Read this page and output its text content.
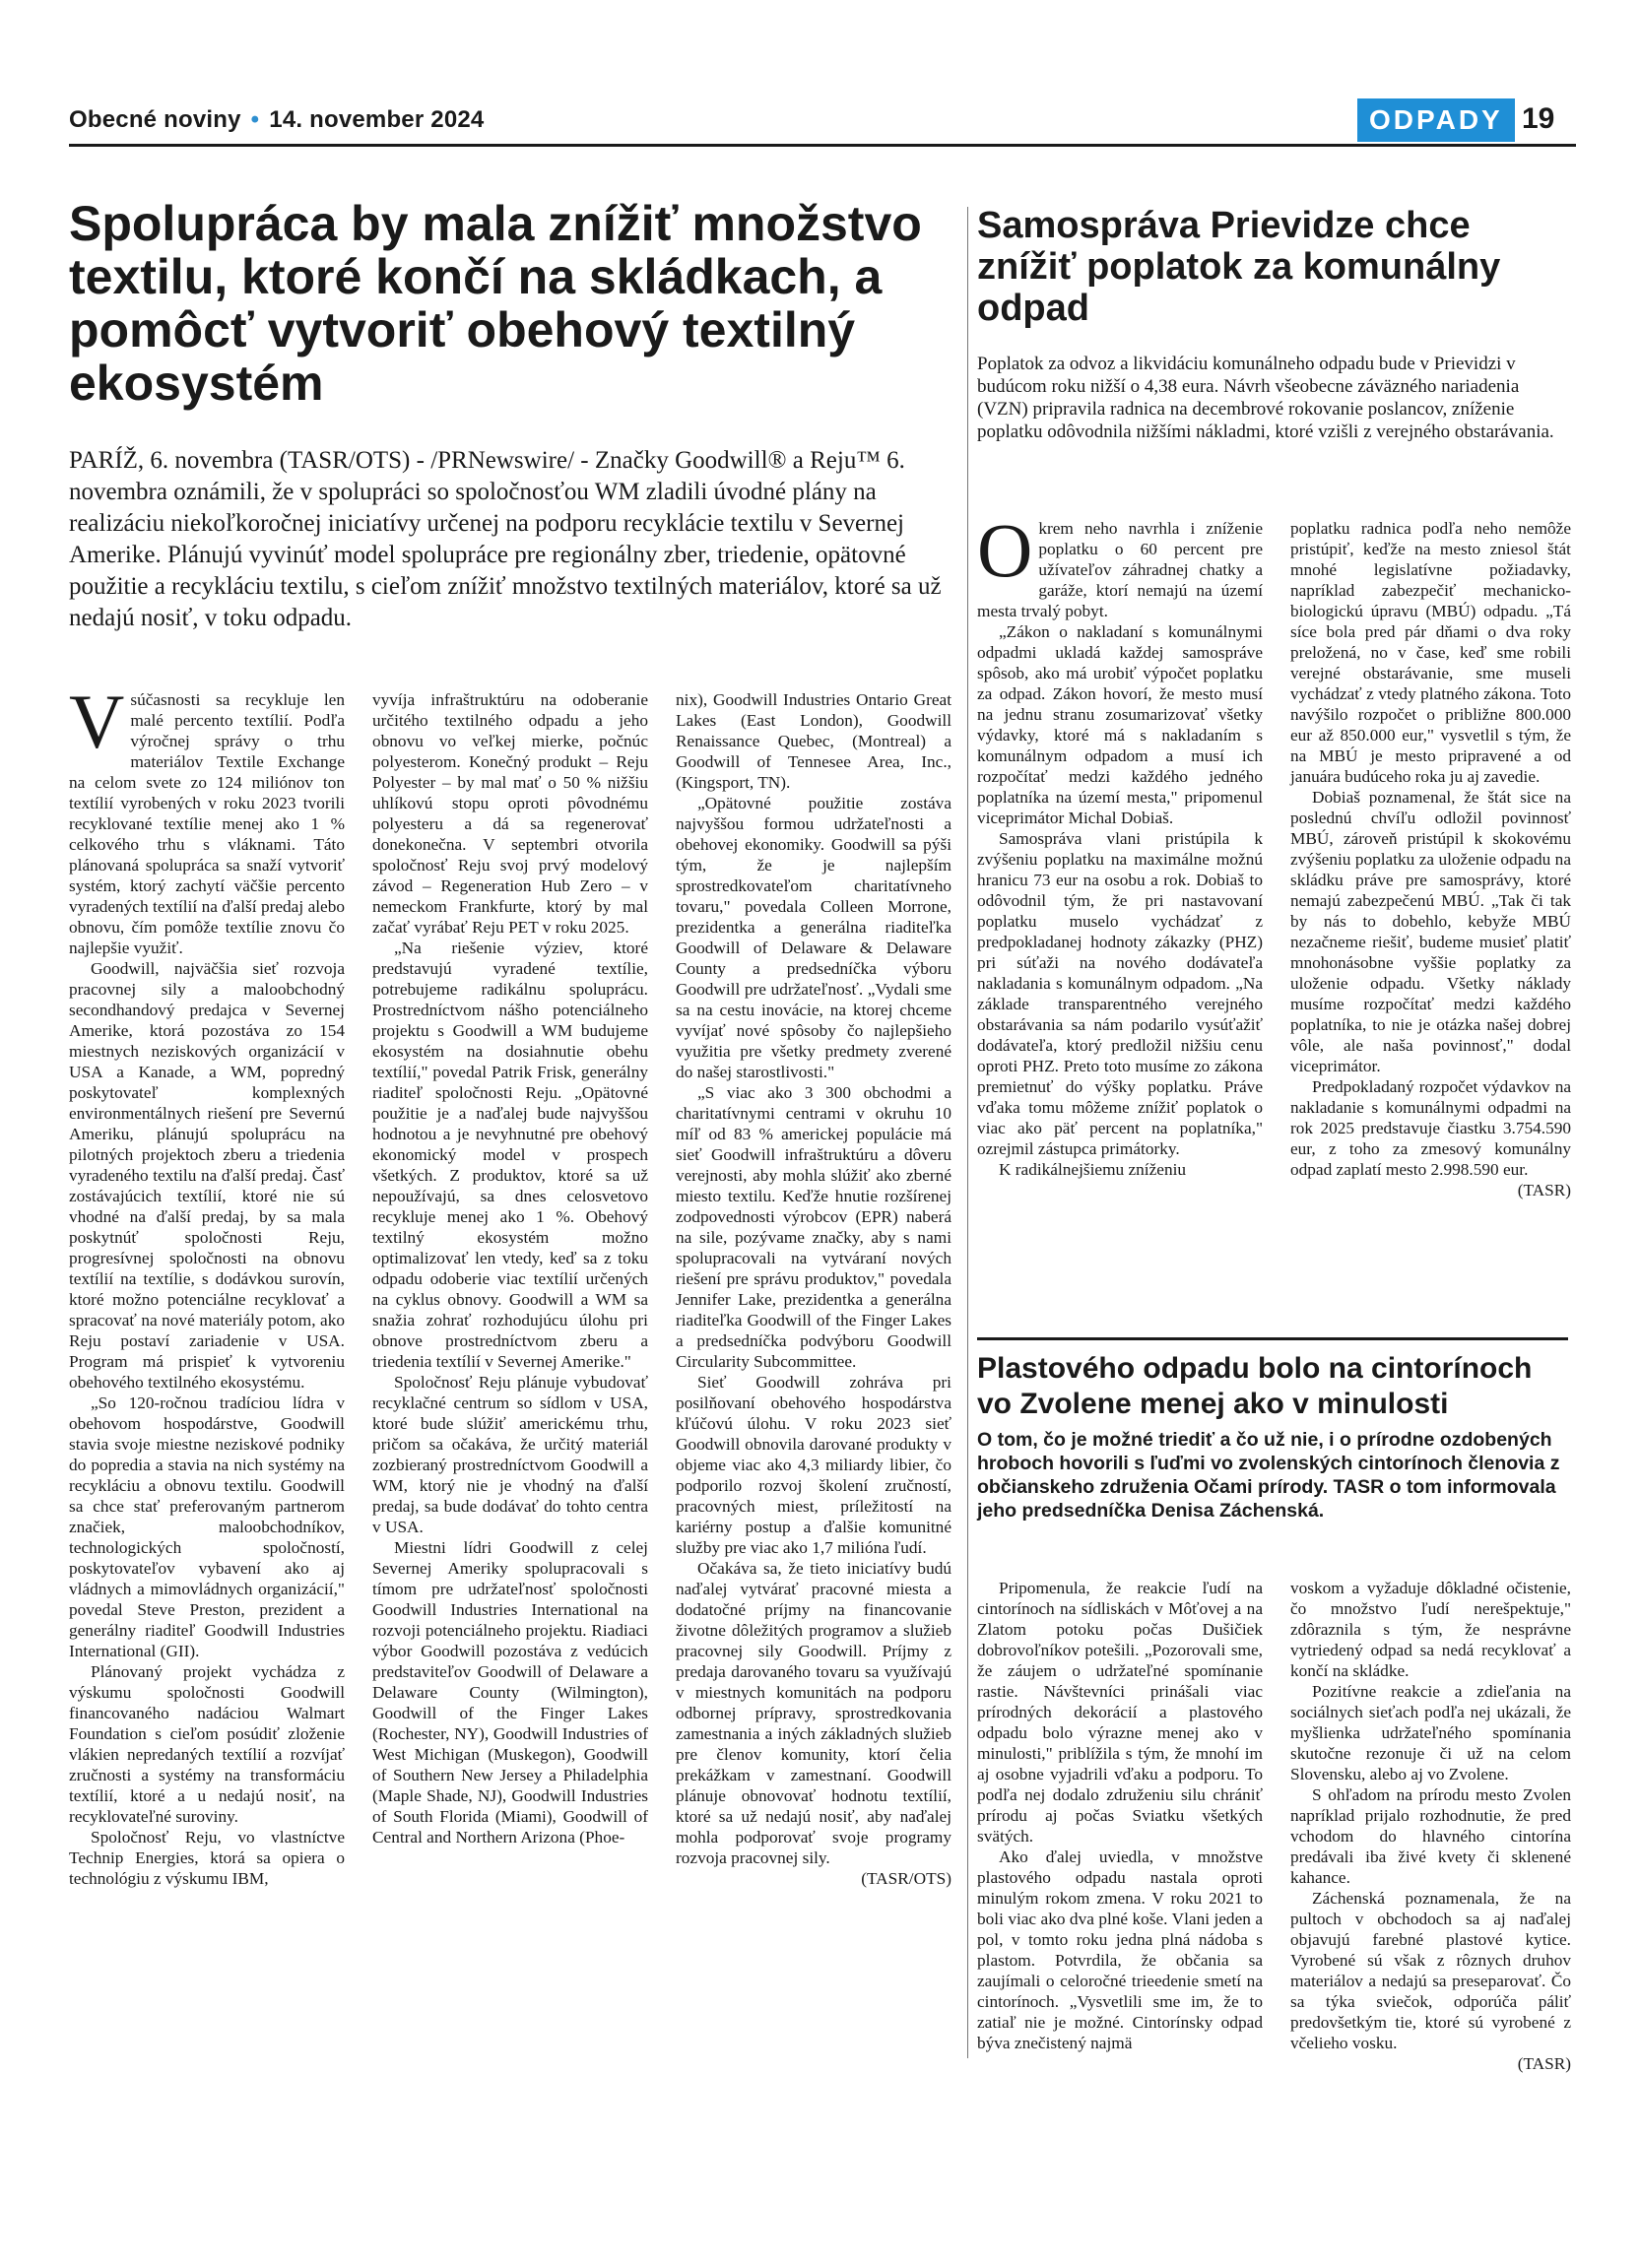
Obecné noviny • 14. november 2024	ODPADY 19
Spolupráca by mala znížiť množstvo textilu, ktoré končí na skládkach, a pomôcť vytvoriť obehový textilný ekosystém

PARÍŽ, 6. novembra (TASR/OTS) - /PRNewswire/ - Značky Goodwill® a Reju™ 6. novembra oznámili, že v spolupráci so spoločnosťou WM zladili úvodné plány na realizáciu niekoľkoročnej iniciatívy určenej na podporu recyklácie textilu v Severnej Amerike. Plánujú vyvinúť model spolupráce pre regionálny zber, triedenie, opätovné použitie a recykláciu textilu, s cieľom znížiť množstvo textilných materiálov, ktoré sa už nedajú nosiť, v toku odpadu.

Vsúčasnosti sa recykluje len malé percento textílií. Podľa výročnej správy o trhu materiálov Textile Exchange na celom svete zo 124 miliónov ton textílií vyrobených v roku 2023 tvorili recyklované textílie menej ako 1 % celkového trhu s vláknami. Táto plánovaná spolupráca sa snaží vytvoriť systém, ktorý zachytí väčšie percento vyradených textílií na ďalší predaj alebo obnovu, čím pomôže textílie znovu čo najlepšie využiť.

Goodwill, najväčšia sieť rozvoja pracovnej sily a maloobchodný secondhandový predajca v Severnej Amerike, ktorá pozostáva zo 154 miestnych neziskových organizácií v USA a Kanade, a WM, popredný poskytovateľ komplexných environmentálnych riešení pre Severnú Ameriku, plánujú spoluprácu na pilotných projektoch zberu a triedenia vyradeného textilu na ďalší predaj. Časť zostávajúcich textílií, ktoré nie sú vhodné na ďalší predaj, by sa mala poskytnúť spoločnosti Reju, progresívnej spoločnosti na obnovu textílií na textílie, s dodávkou surovín, ktoré možno potenciálne recyklovať a spracovať na nové materiály potom, ako Reju postaví zariadenie v USA. Program má prispieť k vytvoreniu obehového textilného ekosystému.

„So 120-ročnou tradíciou lídra v obehovom hospodárstve, Goodwill stavia svoje miestne neziskové podniky do popredia a stavia na nich systémy na recykláciu a obnovu textilu. Goodwill sa chce stať preferovaným partnerom značiek, maloobchodníkov, technologických spoločností, poskytovateľov vybavení ako aj vládnych a mimovládnych organizácií," povedal Steve Preston, prezident a generálny riaditeľ Goodwill Industries International (GII).

Plánovaný projekt vychádza z výskumu spoločnosti Goodwill financovaného nadáciou Walmart Foundation s cieľom posúdiť zloženie vlákien nepredaných textílií a rozvíjať zručnosti a systémy na transformáciu textílií, ktoré a u nedajú nosiť, na recyklovateľné suroviny.

Spoločnosť Reju, vo vlastníctve Technip Energies, ktorá sa opiera o technológiu z výskumu IBM,

vyvíja infraštruktúru na odoberanie určitého textilného odpadu a jeho obnovu vo veľkej mierke, počnúc polyesterom. Konečný produkt – Reju Polyester – by mal mať o 50 % nižšiu uhlíkovú stopu oproti pôvodnému polyesteru a dá sa regenerovať donekonečna. V septembri otvorila spoločnosť Reju svoj prvý modelový závod – Regeneration Hub Zero – v nemeckom Frankfurte, ktorý by mal začať vyrábať Reju PET v roku 2025.

„Na riešenie výziev, ktoré predstavujú vyradené textílie, potrebujeme radikálnu spoluprácu. Prostredníctvom nášho potenciálneho projektu s Goodwill a WM budujeme ekosystém na dosiahnutie obehu textílií," povedal Patrik Frisk, generálny riaditeľ spoločnosti Reju. „Opätovné použitie je a naďalej bude najvyššou hodnotou a je nevyhnutné pre obehový ekonomický model v prospech všetkých. Z produktov, ktoré sa už nepoužívajú, sa dnes celosvetovo recykluje menej ako 1 %. Obehový textilný ekosystém možno optimalizovať len vtedy, keď sa z toku odpadu odoberie viac textílií určených na cyklus obnovy. Goodwill a WM sa snažia zohrať rozhodujúcu úlohu pri obnove prostredníctvom zberu a triedenia textílií v Severnej Amerike."

Spoločnosť Reju plánuje vybudovať recyklačné centrum so sídlom v USA, ktoré bude slúžiť americkému trhu, pričom sa očakáva, že určitý materiál zozbieraný prostredníctvom Goodwill a WM, ktorý nie je vhodný na ďalší predaj, sa bude dodávať do tohto centra v USA.

Miestni lídri Goodwill z celej Severnej Ameriky spolupracovali s tímom pre udržateľnosť spoločnosti Goodwill Industries International na rozvoji potenciálneho projektu. Riadiaci výbor Goodwill pozostáva z vedúcich predstaviteľov Goodwill of Delaware a Delaware County (Wilmington), Goodwill of the Finger Lakes (Rochester, NY), Goodwill Industries of West Michigan (Muskegon), Goodwill of Southern New Jersey a Philadelphia (Maple Shade, NJ), Goodwill Industries of South Florida (Miami), Goodwill of Central and Northern Arizona (Phoe-

nix), Goodwill Industries Ontario Great Lakes (East London), Goodwill Renaissance Quebec, (Montreal) a Goodwill of Tennesee Area, Inc., (Kingsport, TN).

„Opätovné použitie zostáva najvyššou formou udržateľnosti a obehovej ekonomiky. Goodwill sa pýši tým, že je najlepším sprostredkovateľom charitatívneho tovaru," povedala Colleen Morrone, prezidentka a generálna riaditeľka Goodwill of Delaware & Delaware County a predsedníčka výboru Goodwill pre udržateľnosť. „Vydali sme sa na cestu inovácie, na ktorej chceme vyvíjať nové spôsoby čo najlepšieho využitia pre všetky predmety zverené do našej starostlivosti."

„S viac ako 3 300 obchodmi a charitatívnymi centrami v okruhu 10 míľ od 83 % americkej populácie má sieť Goodwill infraštruktúru a dôveru verejnosti, aby mohla slúžiť ako zberné miesto textilu. Keďže hnutie rozšírenej zodpovednosti výrobcov (EPR) naberá na sile, pozývame značky, aby s nami spolupracovali na vytváraní nových riešení pre správu produktov," povedala Jennifer Lake, prezidentka a generálna riaditeľka Goodwill of the Finger Lakes a predsedníčka podvýboru Goodwill Circularity Subcommittee.

Sieť Goodwill zohráva pri posilňovaní obehového hospodárstva kľúčovú úlohu. V roku 2023 sieť Goodwill obnovila darované produkty v objeme viac ako 4,3 miliardy libier, čo podporilo rozvoj školení zručností, pracovných miest, príležitostí na kariérny postup a ďalšie komunitné služby pre viac ako 1,7 milióna ľudí.

Očakáva sa, že tieto iniciatívy budú naďalej vytvárať pracovné miesta a dodatočné príjmy na financovanie životne dôležitých programov a služieb pracovnej sily Goodwill. Príjmy z predaja darovaného tovaru sa využívajú v miestnych komunitách na podporu odbornej prípravy, sprostredkovania zamestnania a iných základných služieb pre členov komunity, ktorí čelia prekážkam v zamestnaní. Goodwill plánuje obnovovať hodnotu textílií, ktoré sa už nedajú nosiť, aby naďalej mohla podporovať svoje programy rozvoja pracovnej sily.

(TASR/OTS)

Samospráva Prievidze chce znížiť poplatok za komunálny odpad

Poplatok za odvoz a likvidáciu komunálneho odpadu bude v Prievidzi v budúcom roku nižší o 4,38 eura. Návrh všeobecne záväzného nariadenia (VZN) pripravila radnica na decembrové rokovanie poslancov, zníženie poplatku odôvodnila nižšími nákladmi, ktoré vzišli z verejného obstarávania.

Okrem neho navrhla i zníženie poplatku o 60 percent pre užívateľov záhradnej chatky a garáže, ktorí nemajú na území mesta trvalý pobyt.

„Zákon o nakladaní s komunálnymi odpadmi ukladá každej samospráve spôsob, ako má urobiť výpočet poplatku za odpad. Zákon hovorí, že mesto musí na jednu stranu zosumarizovať všetky výdavky, ktoré má s nakladaním s komunálnym odpadom a musí ich rozpočítať medzi každého jedného poplatníka na území mesta," pripomenul viceprimátor Michal Dobiaš.

Samospráva vlani pristúpila k zvýšeniu poplatku na maximálne možnú hranicu 73 eur na osobu a rok. Dobiaš to odôvodnil tým, že pri nastavovaní poplatku muselo vychádzať z predpokladanej hodnoty zákazky (PHZ) pri súťaži na nového dodávateľa nakladania s komunálnym odpadom. „Na základe transparentného verejného obstarávania sa nám podarilo vysúťažiť dodávateľa, ktorý predložil nižšiu cenu oproti PHZ. Preto toto musíme zo zákona premietnuť do výšky poplatku. Práve vďaka tomu môžeme znížiť poplatok o viac ako päť percent na poplatníka," ozrejmil zástupca primátorky.

K radikálnejšiemu zníženiu

poplatku radnica podľa neho nemôže pristúpiť, keďže na mesto zniesol štát mnohé legislatívne požiadavky, napríklad zabezpečiť mechanicko-biologickú úpravu (MBÚ) odpadu. „Tá síce bola pred pár dňami o dva roky preložená, no v čase, keď sme robili verejné obstarávanie, sme museli vychádzať z vtedy platného zákona. Toto navýšilo rozpočet o približne 800.000 eur až 850.000 eur," vysvetlil s tým, že na MBÚ je mesto pripravené a od januára budúceho roka ju aj zavedie.

Dobiaš poznamenal, že štát sice na poslednú chvíľu odložil povinnosť MBÚ, zároveň pristúpil k skokovému zvýšeniu poplatku za uloženie odpadu na skládku práve pre samosprávy, ktoré nemajú zabezpečenú MBÚ. „Tak či tak by nás to dobehlo, kebyže MBÚ nezačneme riešiť, budeme musieť platiť mnohonásobne vyššie poplatky za uloženie odpadu. Všetky náklady musíme rozpočítať medzi každého poplatníka, to nie je otázka našej dobrej vôle, ale naša povinnosť," dodal viceprimátor.

Predpokladaný rozpočet výdavkov na nakladanie s komunálnymi odpadmi na rok 2025 predstavuje čiastku 3.754.590 eur, z toho za zmesový komunálny odpad zaplatí mesto 2.998.590 eur.

(TASR)

Plastového odpadu bolo na cintorínoch vo Zvolene menej ako v minulosti

O tom, čo je možné triediť a čo už nie, i o prírodne ozdobených hroboch hovorili s ľuďmi vo zvolenských cintorínoch členovia z občianskeho združenia Očami prírody. TASR o tom informovala jeho predsedníčka Denisa Záchenská.

Pripomenula, že reakcie ľudí na cintorínoch na sídliskách v Môťovej a na Zlatom potoku počas Dušičiek dobrovoľníkov potešili. „Pozorovali sme, že záujem o udržateľné spomínanie rastie. Návštevníci prinášali viac prírodných dekorácií a plastového odpadu bolo výrazne menej ako v minulosti," priblížila s tým, že mnohí im aj osobne vyjadrili vďaku a podporu. To podľa nej dodalo združeniu silu chrániť prírodu aj počas Sviatku všetkých svätých.

Ako ďalej uviedla, v množstve plastového odpadu nastala oproti minulým rokom zmena. V roku 2021 to boli viac ako dva plné koše. Vlani jeden a pol, v tomto roku jedna plná nádoba s plastom. Potvrdila, že občania sa zaujímali o celoročné trieedenie smetí na cintorínoch. „Vysvetlili sme im, že to zatiaľ nie je možné. Cintorínsky odpad býva znečistený najmä

voskom a vyžaduje dôkladné očistenie, čo množstvo ľudí nerešpektuje," zdôraznila s tým, že nesprávne vytriedený odpad sa nedá recyklovať a končí na skládke.

Pozitívne reakcie a zdieľania na sociálnych sieťach podľa nej ukázali, že myšlienka udržateľného spomínania skutočne rezonuje či už na celom Slovensku, alebo aj vo Zvolene.

S ohľadom na prírodu mesto Zvolen napríklad prijalo rozhodnutie, že pred vchodom do hlavného cintorína predávali iba živé kvety či sklenené kahance.

Záchenská poznamenala, že na pultoch v obchodoch sa aj naďalej objavujú farebné plastové kytice. Vyrobené sú však z rôznych druhov materiálov a nedajú sa preseparovať. Čo sa týka sviečok, odporúča páliť predovšetkým tie, ktoré sú vyrobené z včelieho vosku.

(TASR)
